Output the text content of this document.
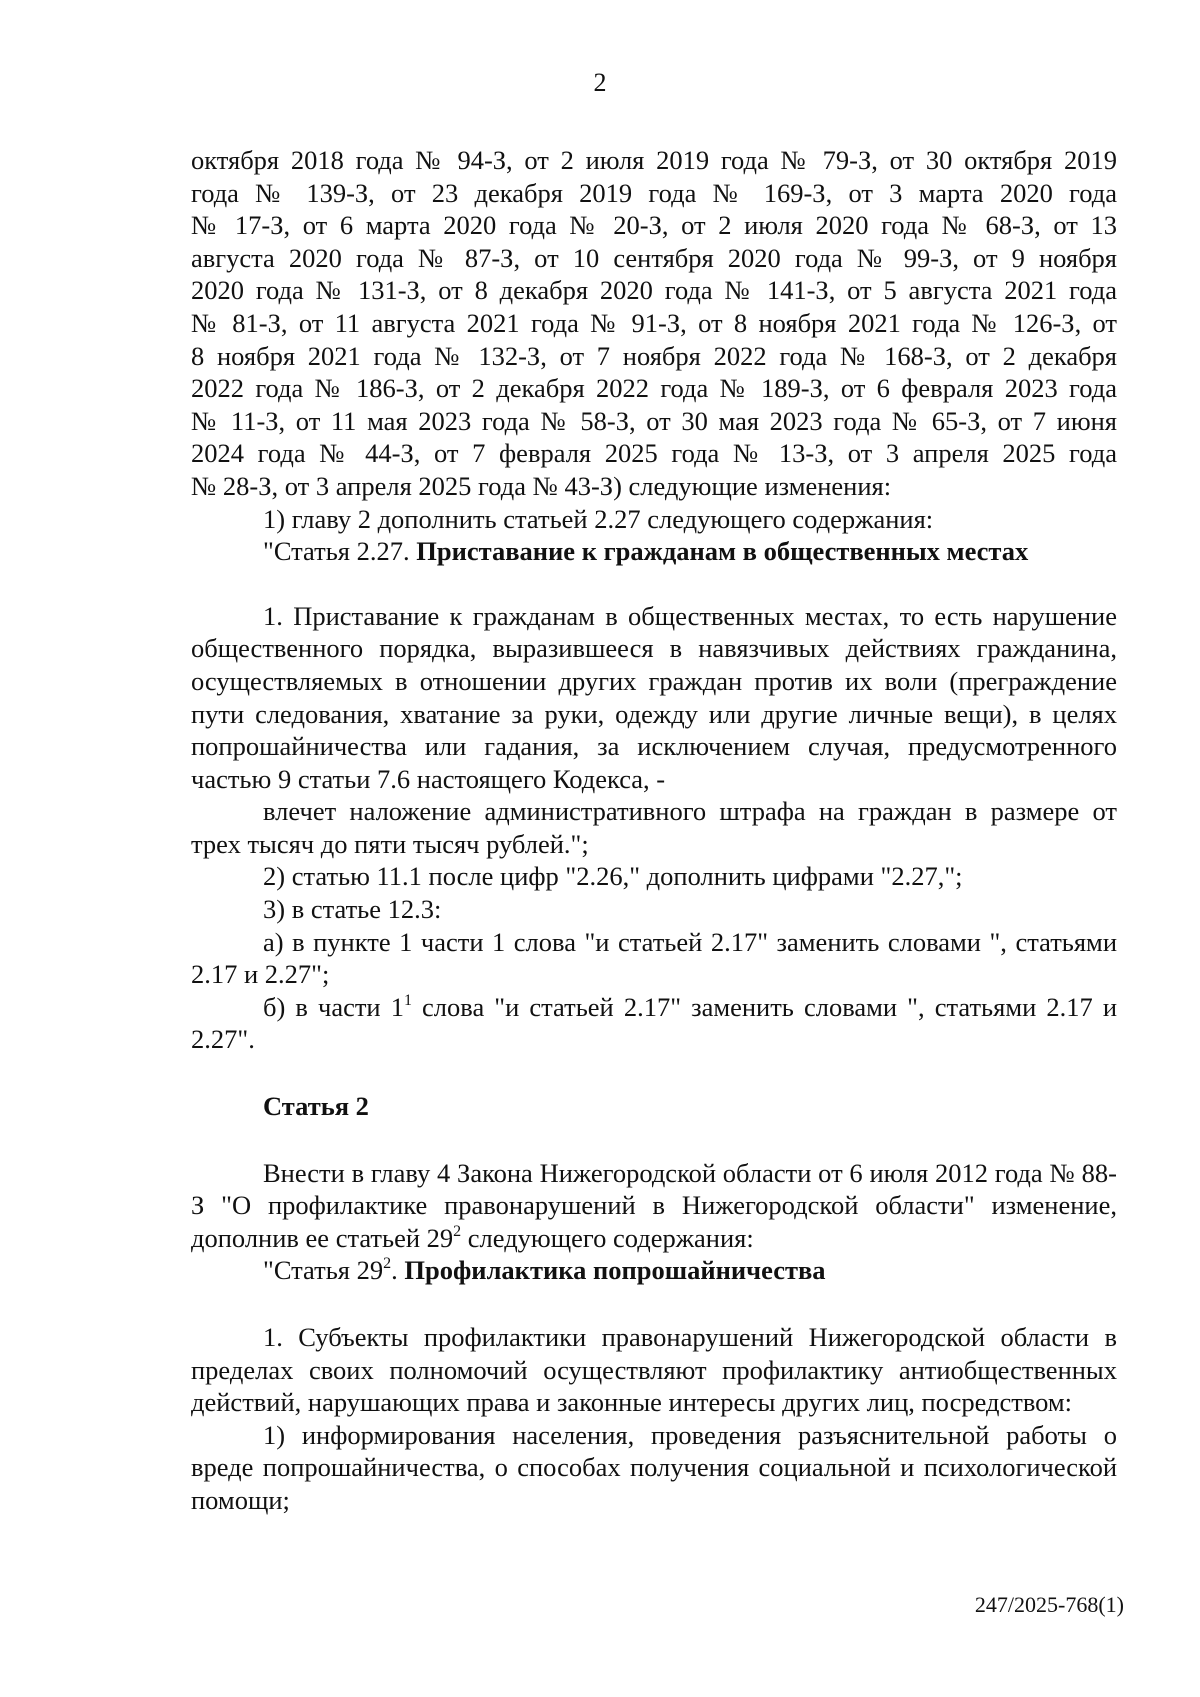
2

октября 2018 года № 94-З, от 2 июля 2019 года № 79-З, от 30 октября 2019

года № 139-З, от 23 декабря 2019 года № 169-З, от 3 марта 2020 года

№ 17-З, от 6 марта 2020 года № 20-З, от 2 июля 2020 года № 68-З, от 13

августа 2020 года № 87-З, от 10 сентября 2020 года № 99-З, от 9 ноября

2020 года № 131-З, от 8 декабря 2020 года № 141-З, от 5 августа 2021 года

№ 81-З, от 11 августа 2021 года № 91-З, от 8 ноября 2021 года № 126-З, от

8 ноября 2021 года № 132-З, от 7 ноября 2022 года № 168-З, от 2 декабря

2022 года № 186-З, от 2 декабря 2022 года № 189-З, от 6 февраля 2023 года

№ 11-З, от 11 мая 2023 года № 58-З, от 30 мая 2023 года № 65-З, от 7 июня

2024 года № 44-З, от 7 февраля 2025 года № 13-З, от 3 апреля 2025 года

№ 28-З, от 3 апреля 2025 года № 43-З) следующие изменения:

1) главу 2 дополнить статьей 2.27 следующего содержания:

"Статья 2.27. Приставание к гражданам в общественных местах

1. Приставание к гражданам в общественных местах, то есть нарушение общественного порядка, выразившееся в навязчивых действиях гражданина, осуществляемых в отношении других граждан против их воли (преграждение пути следования, хватание за руки, одежду или другие личные вещи), в целях попрошайничества или гадания, за исключением случая, предусмотренного частью 9 статьи 7.6 настоящего Кодекса, -

влечет наложение административного штрафа на граждан в размере от трех тысяч до пяти тысяч рублей.";

2) статью 11.1 после цифр "2.26," дополнить цифрами "2.27,";

3) в статье 12.3:

а) в пункте 1 части 1 слова "и статьей 2.17" заменить словами ", статьями 2.17 и 2.27";

б) в части $1^1$ слова "и статьей 2.17" заменить словами ", статьями 2.17 и 2.27".

Статья 2

Внести в главу 4 Закона Нижегородской области от 6 июля 2012 года № 88-З "О профилактике правонарушений в Нижегородской области" изменение, дополнив ее статьей $29^2$ следующего содержания:

"Статья $29^2$. Профилактика попрошайничества

1. Субъекты профилактики правонарушений Нижегородской области в пределах своих полномочий осуществляют профилактику антиобщественных действий, нарушающих права и законные интересы других лиц, посредством:

1) информирования населения, проведения разъяснительной работы о вреде попрошайничества, о способах получения социальной и психологической помощи;

247/2025-768(1)
